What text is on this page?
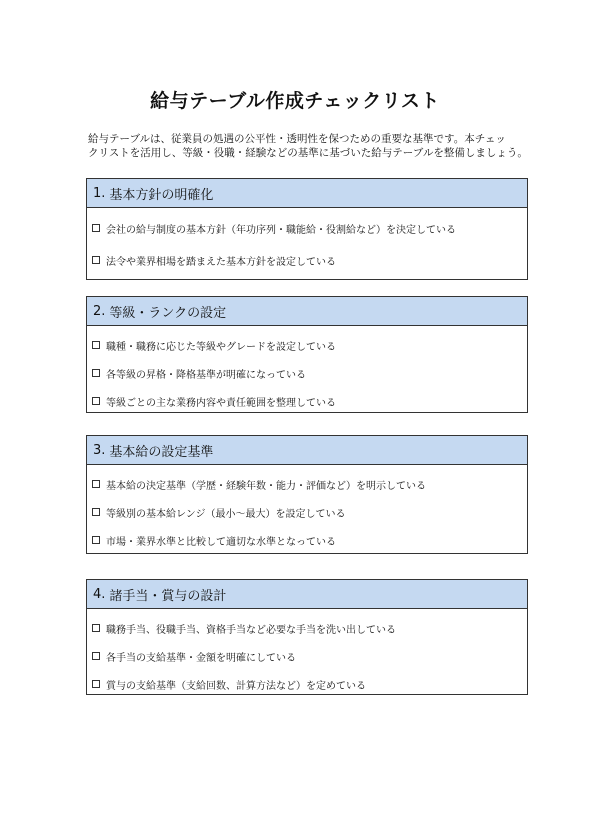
給与テーブル作成チェックリスト
給与テーブルは、従業員の処遇の公平性・透明性を保つための重要な基準です。本チェッ
クリストを活用し、等級・役職・経験などの基準に基づいた給与テーブルを整備しましょう。
1. 基本方針の明確化
会社の給与制度の基本方針（年功序列・職能給・役割給など）を決定している
法令や業界相場を踏まえた基本方針を設定している
2. 等級・ランクの設定
職種・職務に応じた等級やグレードを設定している
各等級の昇格・降格基準が明確になっている
等級ごとの主な業務内容や責任範囲を整理している
3. 基本給の設定基準
基本給の決定基準（学歴・経験年数・能力・評価など）を明示している
等級別の基本給レンジ（最小〜最大）を設定している
市場・業界水準と比較して適切な水準となっている
4. 諸手当・賞与の設計
職務手当、役職手当、資格手当など必要な手当を洗い出している
各手当の支給基準・金額を明確にしている
賞与の支給基準（支給回数、計算方法など）を定めている
